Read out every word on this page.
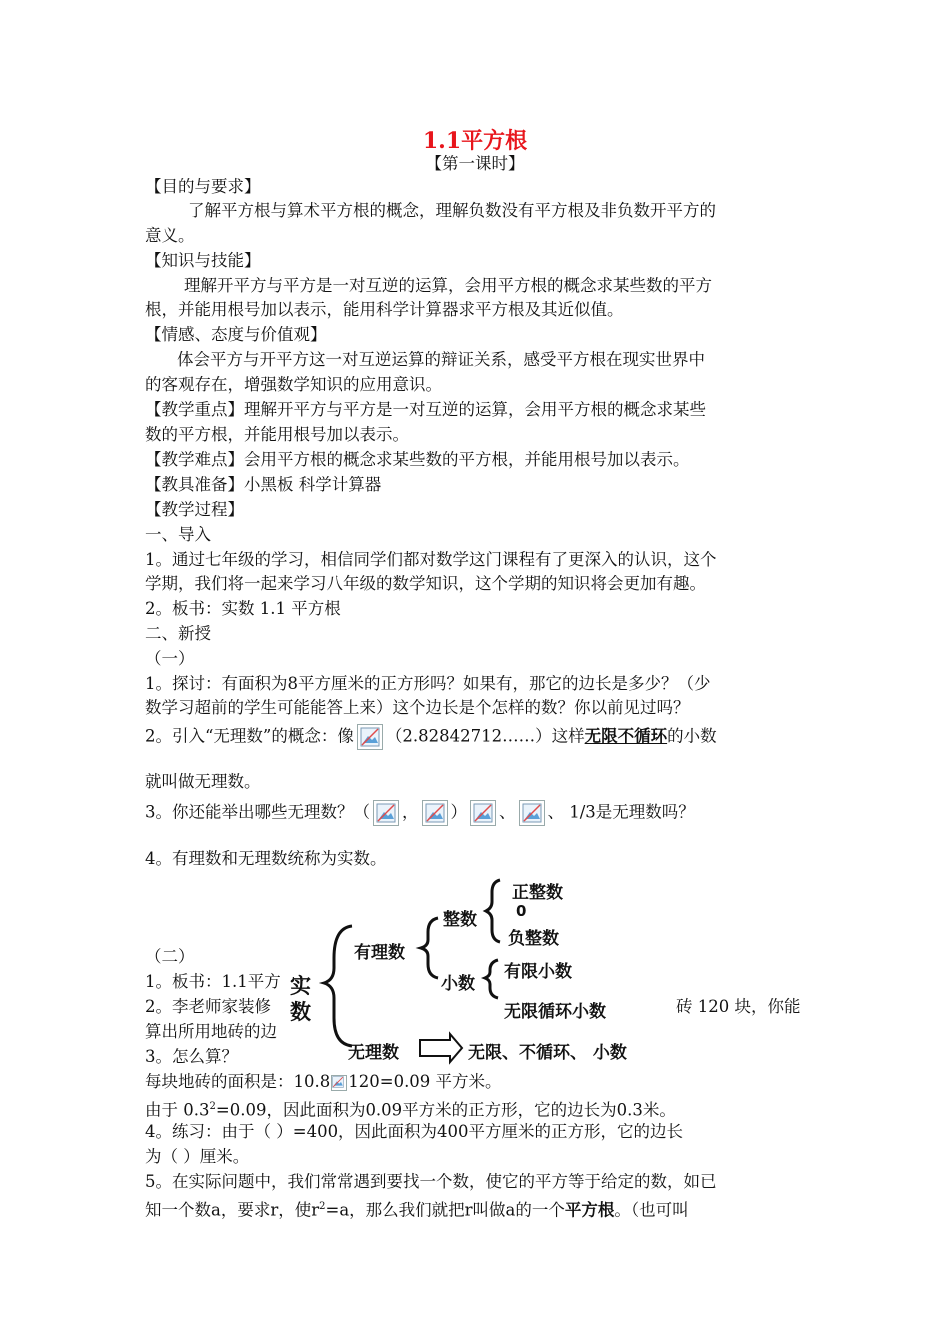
1.1平方根
【第一课时】
【目的与要求】
了解平方根与算术平方根的概念，理解负数没有平方根及非负数开平方的
意义。
【知识与技能】
理解开平方与平方是一对互逆的运算，会用平方根的概念求某些数的平方
根，并能用根号加以表示，能用科学计算器求平方根及其近似值。
【情感、态度与价值观】
体会平方与开平方这一对互逆运算的辩证关系，感受平方根在现实世界中
的客观存在，增强数学知识的应用意识。
【教学重点】理解开平方与平方是一对互逆的运算，会用平方根的概念求某些
数的平方根，并能用根号加以表示。
【教学难点】会用平方根的概念求某些数的平方根，并能用根号加以表示。
【教具准备】小黑板 科学计算器
【教学过程】
一、导入
1。通过七年级的学习，相信同学们都对数学这门课程有了更深入的认识，这个
学期，我们将一起来学习八年级的数学知识，这个学期的知识将会更加有趣。
2。板书：实数 1.1 平方根
二、新授
（一）
1。探讨：有面积为8平方厘米的正方形吗？如果有，那它的边长是多少？（少
数学习超前的学生可能能答上来）这个边长是个怎样的数？你以前见过吗？
2。引入“无理数”的概念：像 （2.82842712……）这样无限不循环的小数
就叫做无理数。
3。你还能举出哪些无理数？（ ， ） 、 、 1/3是无理数吗？
4。有理数和无理数统称为实数。
（二）
1。板书：1.1平方
2。李老师家装修	砖 120 块，你能
算出所用地砖的边
3。怎么算？
每块地砖的面积是：10.8 120=0.09 平方米。
由于 $0.3^2=0.09$，因此面积为0.09平方米的正方形，它的边长为0.3米。
4。练习：由于（ ）=400，因此面积为400平方厘米的正方形，它的边长
为（ ）厘米。
5。在实际问题中，我们常常遇到要找一个数，使它的平方等于给定的数，如已
知一个数a，要求r，使$r^2=a$，那么我们就把r叫做a的一个平方根。（也可叫
实
数
有理数
整数
正整数
0
负整数
小数
有限小数
无限循环小数
无理数	无限、不循环、 小数
